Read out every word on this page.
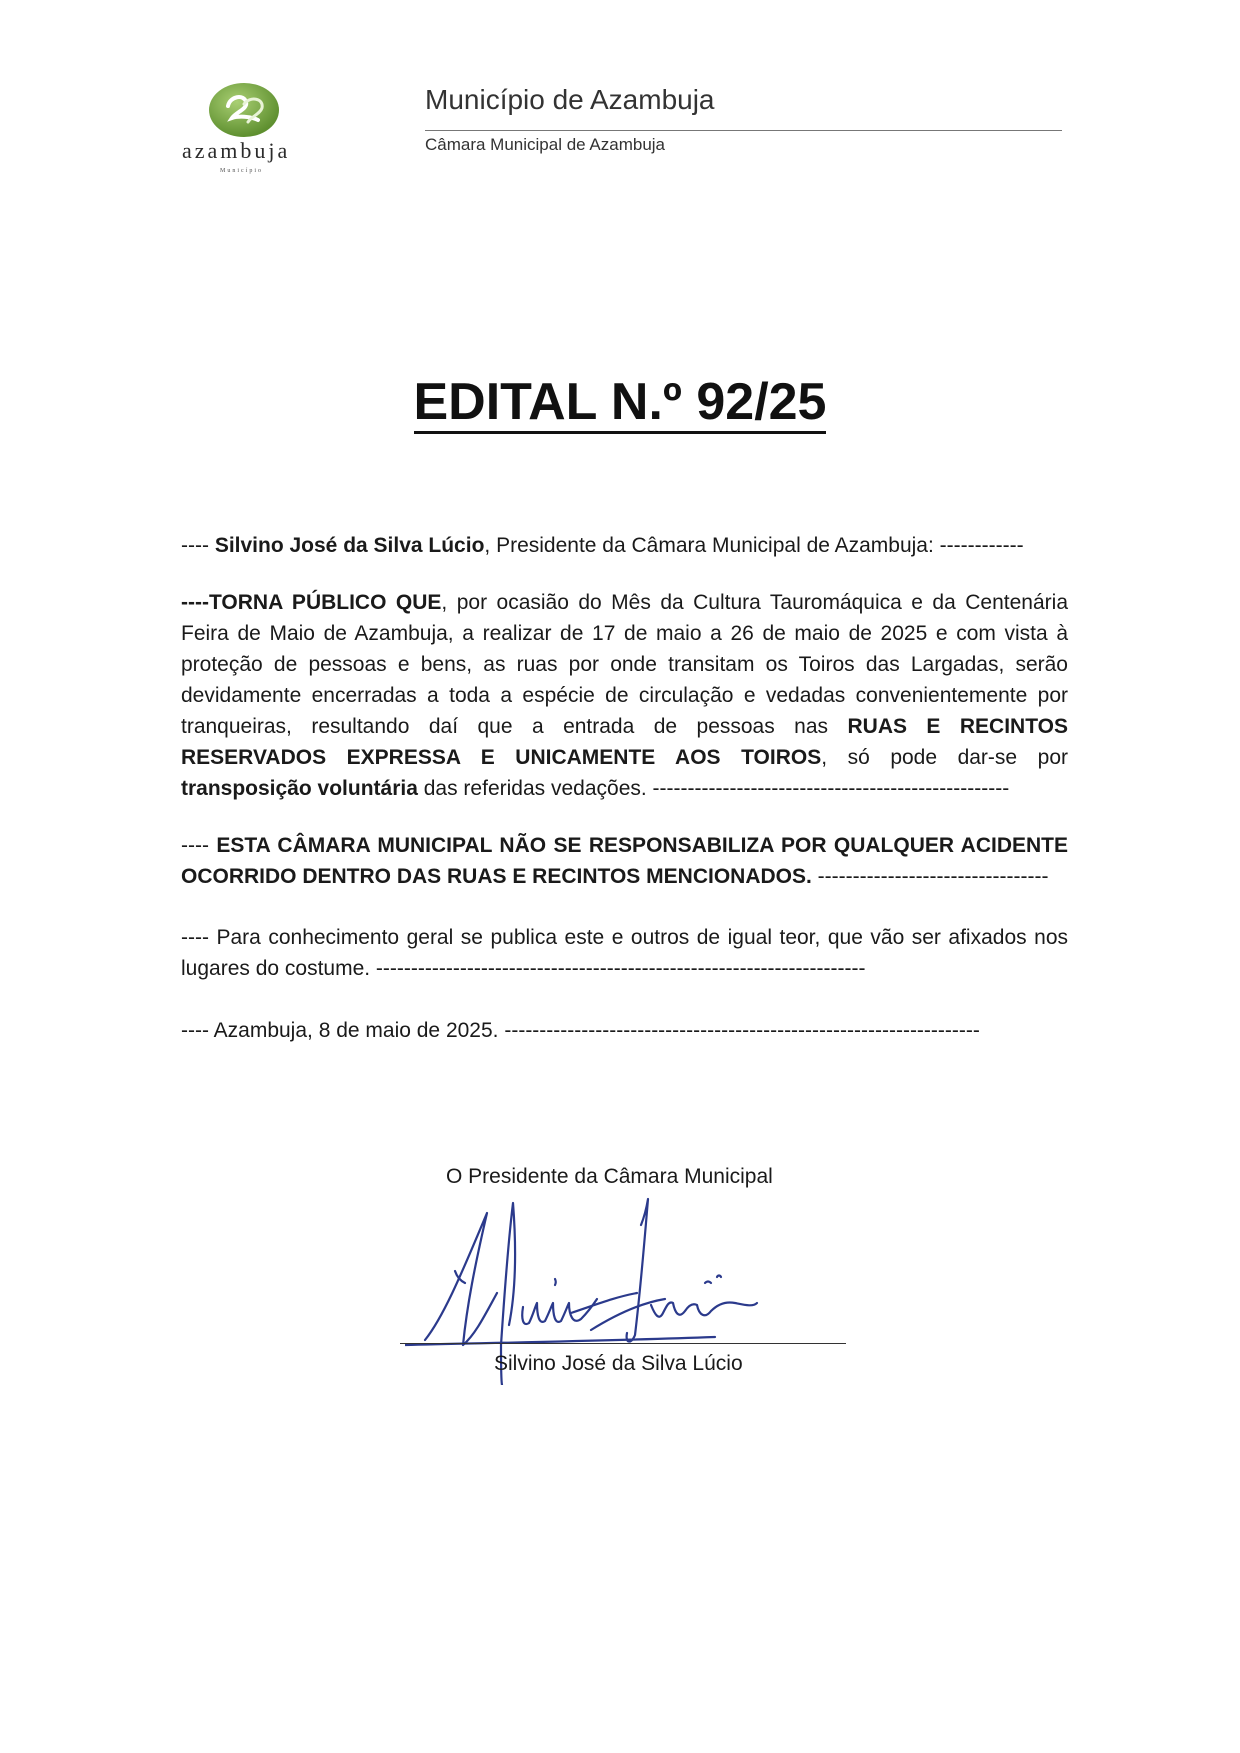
azambuja
Município
Município de Azambuja
Câmara Municipal de Azambuja
EDITAL N.º 92/25
---- Silvino José da Silva Lúcio, Presidente da Câmara Municipal de Azambuja: ------------
----TORNA PÚBLICO QUE, por ocasião do Mês da Cultura Tauromáquica e da Centenária Feira de Maio de Azambuja, a realizar de 17 de maio a 26 de maio de 2025 e com vista à proteção de pessoas e bens, as ruas por onde transitam os Toiros das Largadas, serão devidamente encerradas a toda a espécie de circulação e vedadas convenientemente por tranqueiras, resultando daí que a entrada de pessoas nas RUAS E RECINTOS RESERVADOS EXPRESSA E UNICAMENTE AOS TOIROS, só pode dar-se por transposição voluntária das referidas vedações. ---------------------------------------------------
---- ESTA CÂMARA MUNICIPAL NÃO SE RESPONSABILIZA POR QUALQUER ACIDENTE OCORRIDO DENTRO DAS RUAS E RECINTOS MENCIONADOS. ---------------------------------
---- Para conhecimento geral se publica este e outros de igual teor, que vão ser afixados nos lugares do costume. ----------------------------------------------------------------------
---- Azambuja, 8 de maio de 2025. --------------------------------------------------------------------
O Presidente da Câmara Municipal
Silvino José da Silva Lúcio
